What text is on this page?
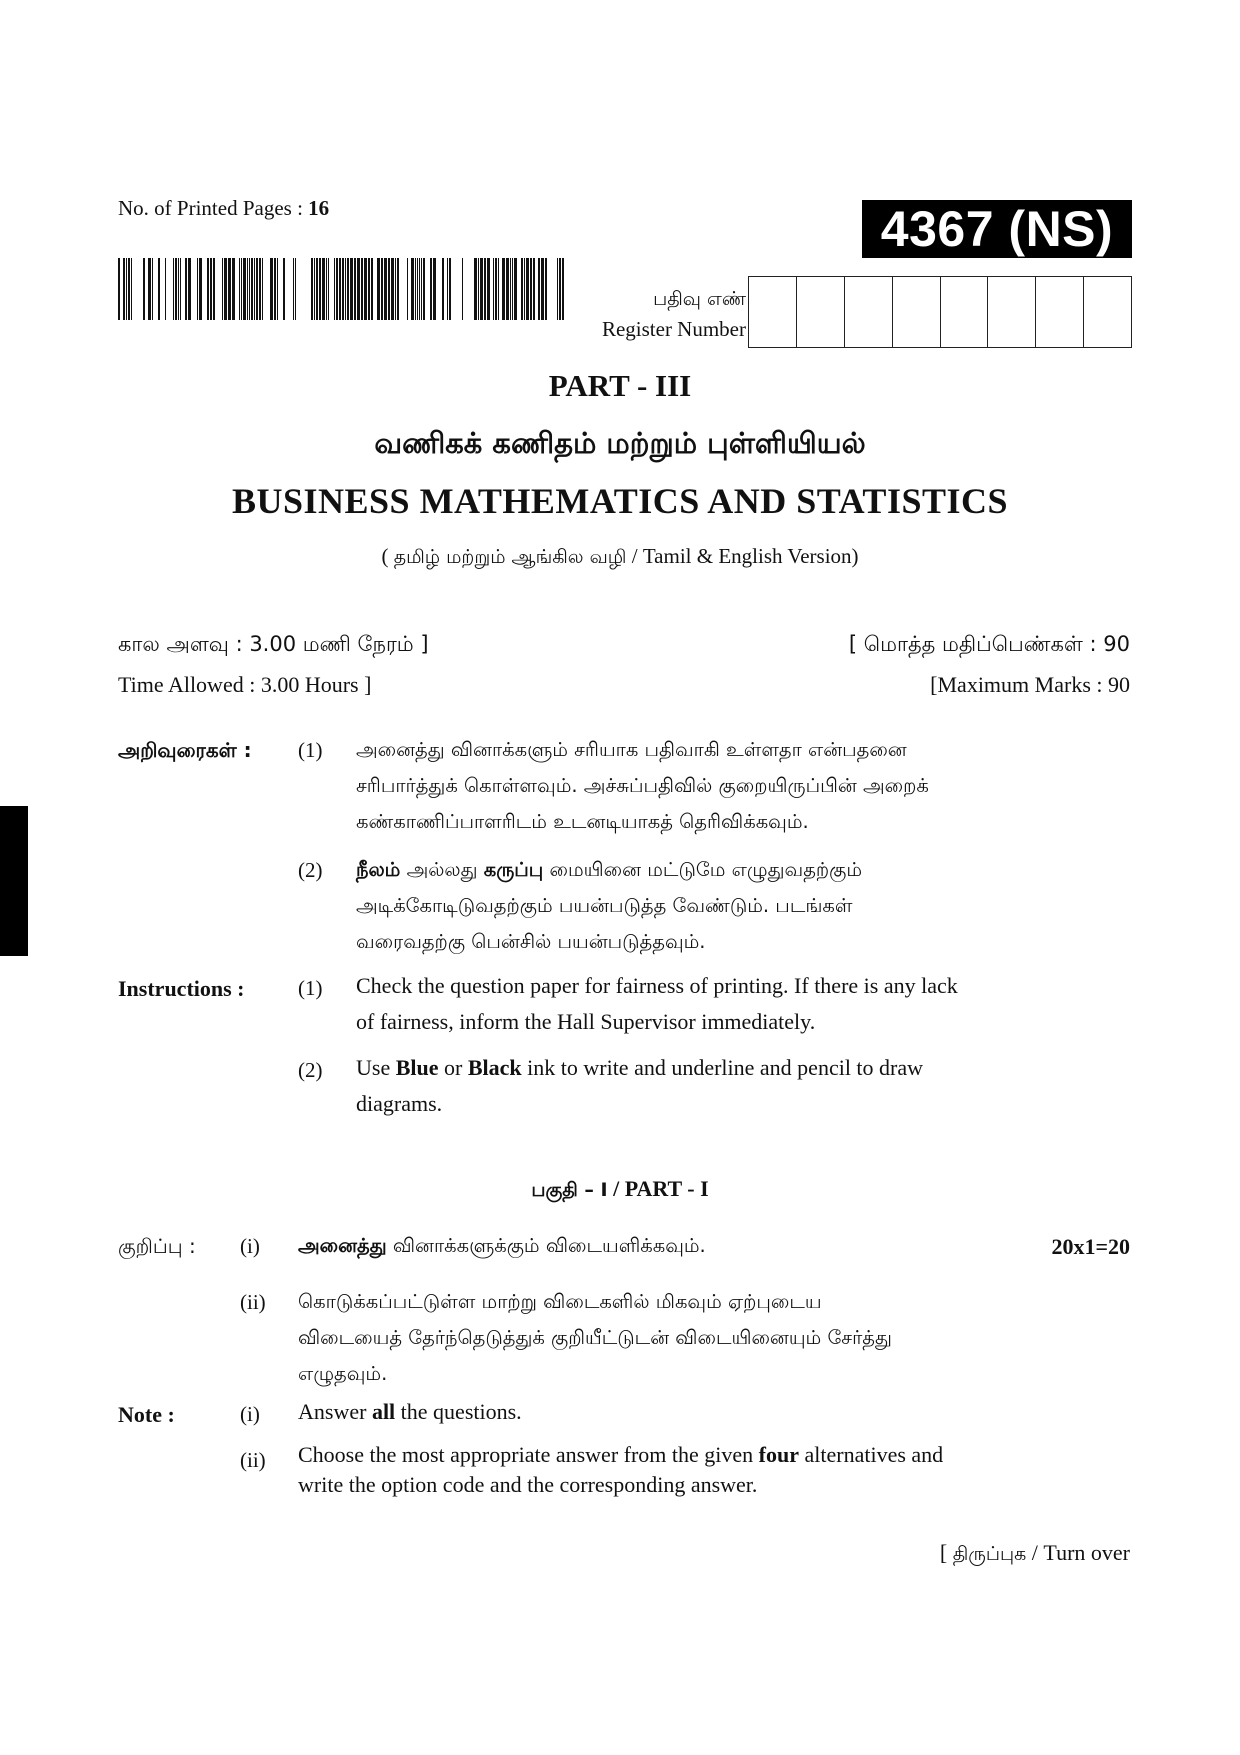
No. of Printed Pages : 16	4367 (NS)
பதிவு எண்
Register Number
PART - III
வணிகக் கணிதம் மற்றும் புள்ளியியல்
BUSINESS MATHEMATICS AND STATISTICS
( தமிழ் மற்றும் ஆங்கில வழி / Tamil & English Version)
கால அளவு : 3.00 மணி நேரம் ]	[ மொத்த மதிப்பெண்கள் : 90
Time Allowed : 3.00 Hours ]	[Maximum Marks : 90
அறிவுரைகள் : (1) அனைத்து வினாக்களும் சரியாக பதிவாகி உள்ளதா என்பதனை
சரிபார்த்துக் கொள்ளவும். அச்சுப்பதிவில் குறையிருப்பின் அறைக்
கண்காணிப்பாளரிடம் உடனடியாகத் தெரிவிக்கவும்.
(2) நீலம் அல்லது கருப்பு மையினை மட்டுமே எழுதுவதற்கும்
அடிக்கோடிடுவதற்கும் பயன்படுத்த வேண்டும். படங்கள்
வரைவதற்கு பென்சில் பயன்படுத்தவும்.
Instructions :	(1) Check the question paper for fairness of printing. If there is any lack
of fairness, inform the Hall Supervisor immediately.
(2) Use Blue or Black ink to write and underline and pencil to draw
diagrams.
பகுதி – I / PART - I
குறிப்பு : (i) அனைத்து வினாக்களுக்கும் விடையளிக்கவும்.	20x1=20
(ii) கொடுக்கப்பட்டுள்ள மாற்று விடைகளில் மிகவும் ஏற்புடைய
விடையைத் தேர்ந்தெடுத்துக் குறியீட்டுடன் விடையினையும் சேர்த்து
எழுதவும்.
Note :	(i) Answer all the questions.
(ii) Choose the most appropriate answer from the given four alternatives and
write the option code and the corresponding answer.
[ திருப்புக / Turn over
